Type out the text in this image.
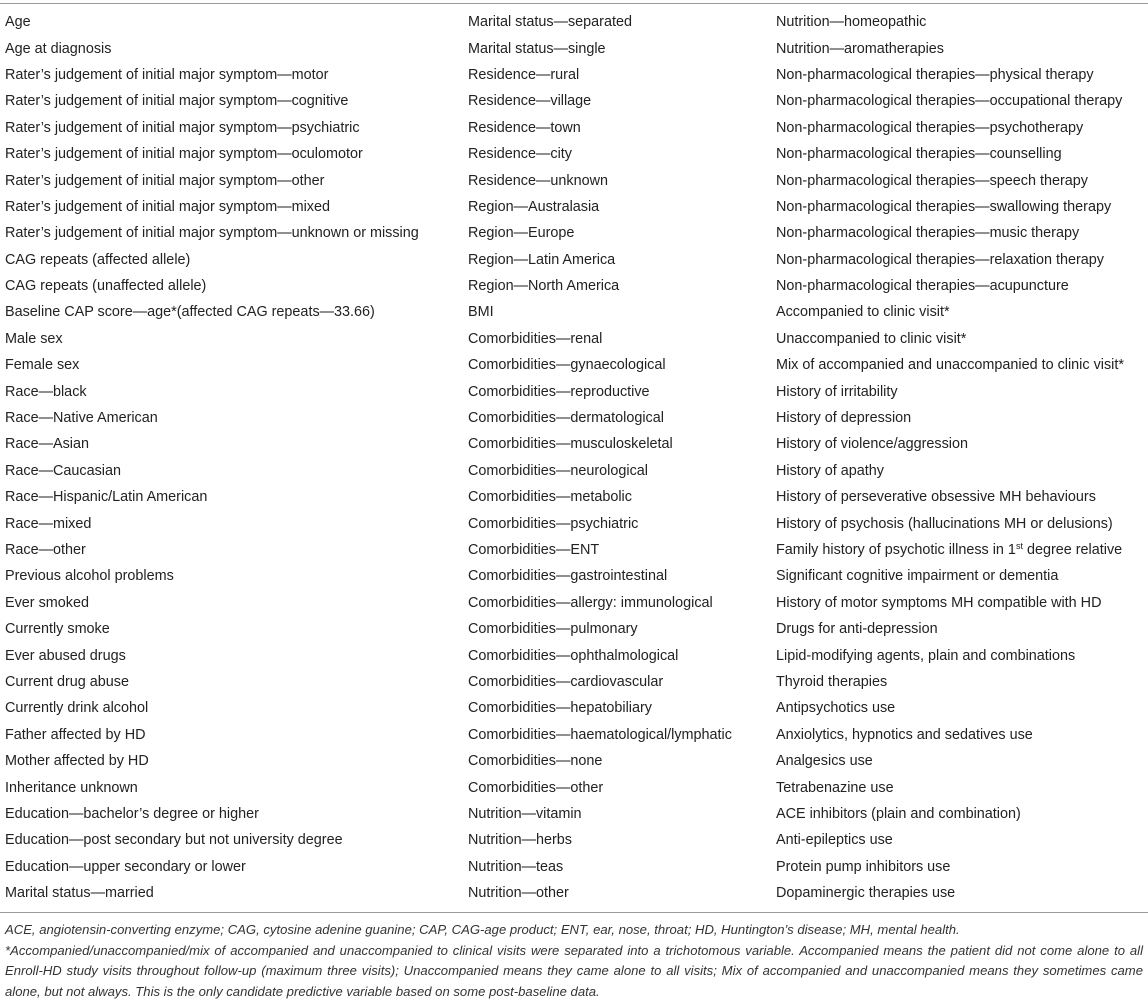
Age	Marital status—separated	Nutrition—homeopathic
Age at diagnosis	Marital status—single	Nutrition—aromatherapies
Rater’s judgement of initial major symptom—motor	Residence—rural	Non-pharmacological therapies—physical therapy
Rater’s judgement of initial major symptom—cognitive	Residence—village	Non-pharmacological therapies—occupational therapy
Rater’s judgement of initial major symptom—psychiatric	Residence—town	Non-pharmacological therapies—psychotherapy
Rater’s judgement of initial major symptom—oculomotor	Residence—city	Non-pharmacological therapies—counselling
Rater’s judgement of initial major symptom—other	Residence—unknown	Non-pharmacological therapies—speech therapy
Rater’s judgement of initial major symptom—mixed	Region—Australasia	Non-pharmacological therapies—swallowing therapy
Rater’s judgement of initial major symptom—unknown or missing	Region—Europe	Non-pharmacological therapies—music therapy
CAG repeats (affected allele)	Region—Latin America	Non-pharmacological therapies—relaxation therapy
CAG repeats (unaffected allele)	Region—North America	Non-pharmacological therapies—acupuncture
Baseline CAP score—age*(affected CAG repeats—33.66)	BMI	Accompanied to clinic visit*
Male sex	Comorbidities—renal	Unaccompanied to clinic visit*
Female sex	Comorbidities—gynaecological	Mix of accompanied and unaccompanied to clinic visit*
Race—black	Comorbidities—reproductive	History of irritability
Race—Native American	Comorbidities—dermatological	History of depression
Race—Asian	Comorbidities—musculoskeletal	History of violence/aggression
Race—Caucasian	Comorbidities—neurological	History of apathy
Race—Hispanic/Latin American	Comorbidities—metabolic	History of perseverative obsessive MH behaviours
Race—mixed	Comorbidities—psychiatric	History of psychosis (hallucinations MH or delusions)
Race—other	Comorbidities—ENT	Family history of psychotic illness in 1st degree relative
Previous alcohol problems	Comorbidities—gastrointestinal	Significant cognitive impairment or dementia
Ever smoked	Comorbidities—allergy: immunological	History of motor symptoms MH compatible with HD
Currently smoke	Comorbidities—pulmonary	Drugs for anti-depression
Ever abused drugs	Comorbidities—ophthalmological	Lipid-modifying agents, plain and combinations
Current drug abuse	Comorbidities—cardiovascular	Thyroid therapies
Currently drink alcohol	Comorbidities—hepatobiliary	Antipsychotics use
Father affected by HD	Comorbidities—haematological/lymphatic	Anxiolytics, hypnotics and sedatives use
Mother affected by HD	Comorbidities—none	Analgesics use
Inheritance unknown	Comorbidities—other	Tetrabenazine use
Education—bachelor’s degree or higher	Nutrition—vitamin	ACE inhibitors (plain and combination)
Education—post secondary but not university degree	Nutrition—herbs	Anti-epileptics use
Education—upper secondary or lower	Nutrition—teas	Protein pump inhibitors use
Marital status—married	Nutrition—other	Dopaminergic therapies use

ACE, angiotensin-converting enzyme; CAG, cytosine adenine guanine; CAP, CAG-age product; ENT, ear, nose, throat; HD, Huntington’s disease; MH, mental health.

*Accompanied/unaccompanied/mix of accompanied and unaccompanied to clinical visits were separated into a trichotomous variable. Accompanied means the patient did not come alone to all Enroll-HD study visits throughout follow-up (maximum three visits); Unaccompanied means they came alone to all visits; Mix of accompanied and unaccompanied means they sometimes came alone, but not always. This is the only candidate predictive variable based on some post-baseline data.
